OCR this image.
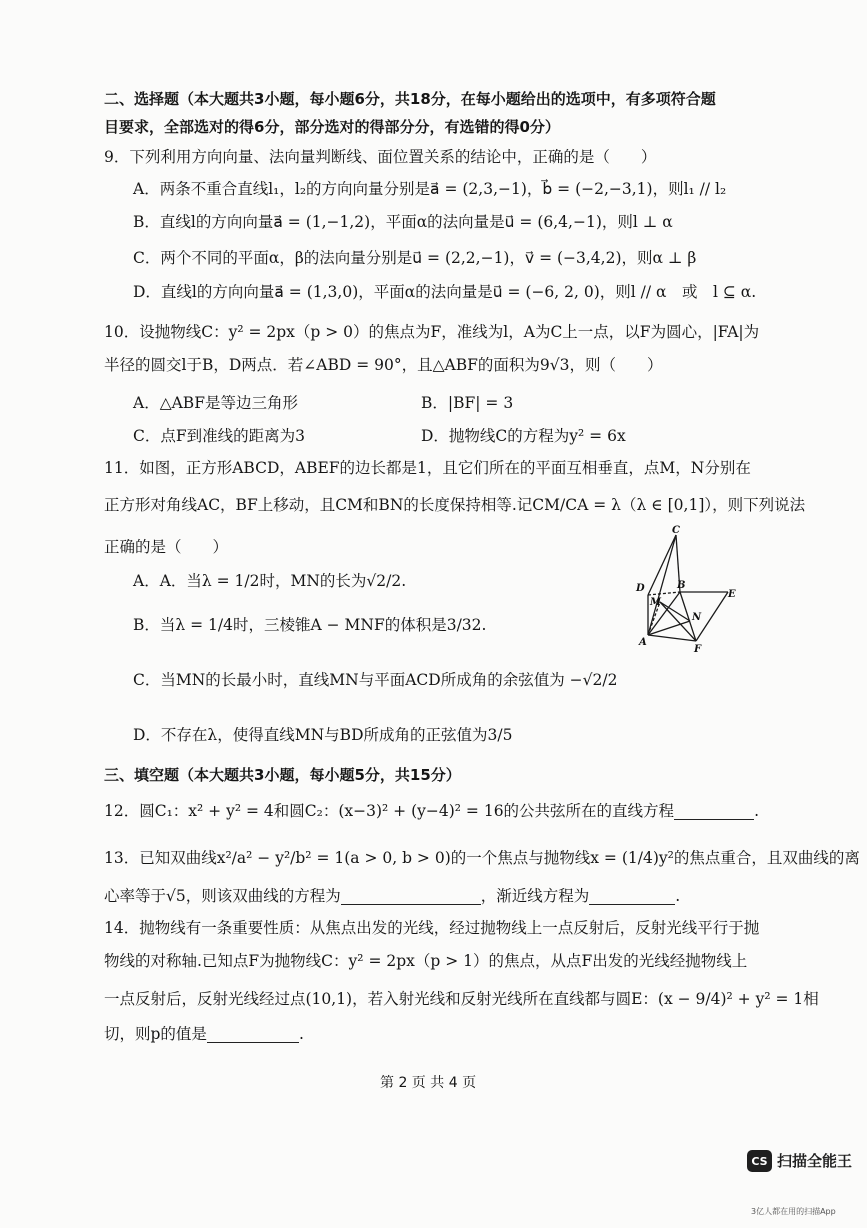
二、选择题（本大题共3小题，每小题6分，共18分，在每小题给出的选项中，有多项符合题
目要求，全部选对的得6分，部分选对的得部分分，有选错的得0分）
9．下列利用方向向量、法向量判断线、面位置关系的结论中，正确的是（　　）
A．两条不重合直线l₁，l₂的方向向量分别是a⃗ = (2,3,−1)，b⃗ = (−2,−3,1)，则l₁ // l₂
B．直线l的方向向量a⃗ = (1,−1,2)，平面α的法向量是u⃗ = (6,4,−1)，则l ⊥ α
C．两个不同的平面α，β的法向量分别是u⃗ = (2,2,−1)，v⃗ = (−3,4,2)，则α ⊥ β
D．直线l的方向向量a⃗ = (1,3,0)，平面α的法向量是u⃗ = (−6, 2, 0)，则l // α　或　l ⊆ α.
10．设抛物线C：y² = 2px（p > 0）的焦点为F，准线为l，A为C上一点，以F为圆心，|FA|为
半径的圆交l于B，D两点．若∠ABD = 90°，且△ABF的面积为9√3，则（　　）
A．△ABF是等边三角形	B．|BF| = 3
C．点F到准线的距离为3	D．抛物线C的方程为y² = 6x
11．如图，正方形ABCD，ABEF的边长都是1，且它们所在的平面互相垂直，点M，N分别在
正方形对角线AC，BF上移动，且CM和BN的长度保持相等.记CM/CA = λ（λ ∈ [0,1]），则下列说法
正确的是（　　）
A．A．当λ = 1/2时，MN的长为√2/2.
B．当λ = 1/4时，三棱锥A − MNF的体积是3/32.
C．当MN的长最小时，直线MN与平面ACD所成角的余弦值为 −√2/2
D．不存在λ，使得直线MN与BD所成角的正弦值为3/5
C
D	B
E
M
N
A
F
三、填空题（本大题共3小题，每小题5分，共15分）
12．圆C₁：x² + y² = 4和圆C₂：(x−3)² + (y−4)² = 16的公共弦所在的直线方程	.
13．已知双曲线x²/a² − y²/b² = 1(a > 0, b > 0)的一个焦点与抛物线x = (1/4)y²的焦点重合，且双曲线的离
心率等于√5，则该双曲线的方程为	，渐近线方程为	.
14．抛物线有一条重要性质：从焦点出发的光线，经过抛物线上一点反射后，反射光线平行于抛
物线的对称轴.已知点F为抛物线C：y² = 2px（p > 1）的焦点，从点F出发的光线经抛物线上
一点反射后，反射光线经过点(10,1)，若入射光线和反射光线所在直线都与圆E：(x − 9/4)² + y² = 1相
切，则p的值是	.
第 2 页 共 4 页
CS 扫描全能王
3亿人都在用的扫描App
